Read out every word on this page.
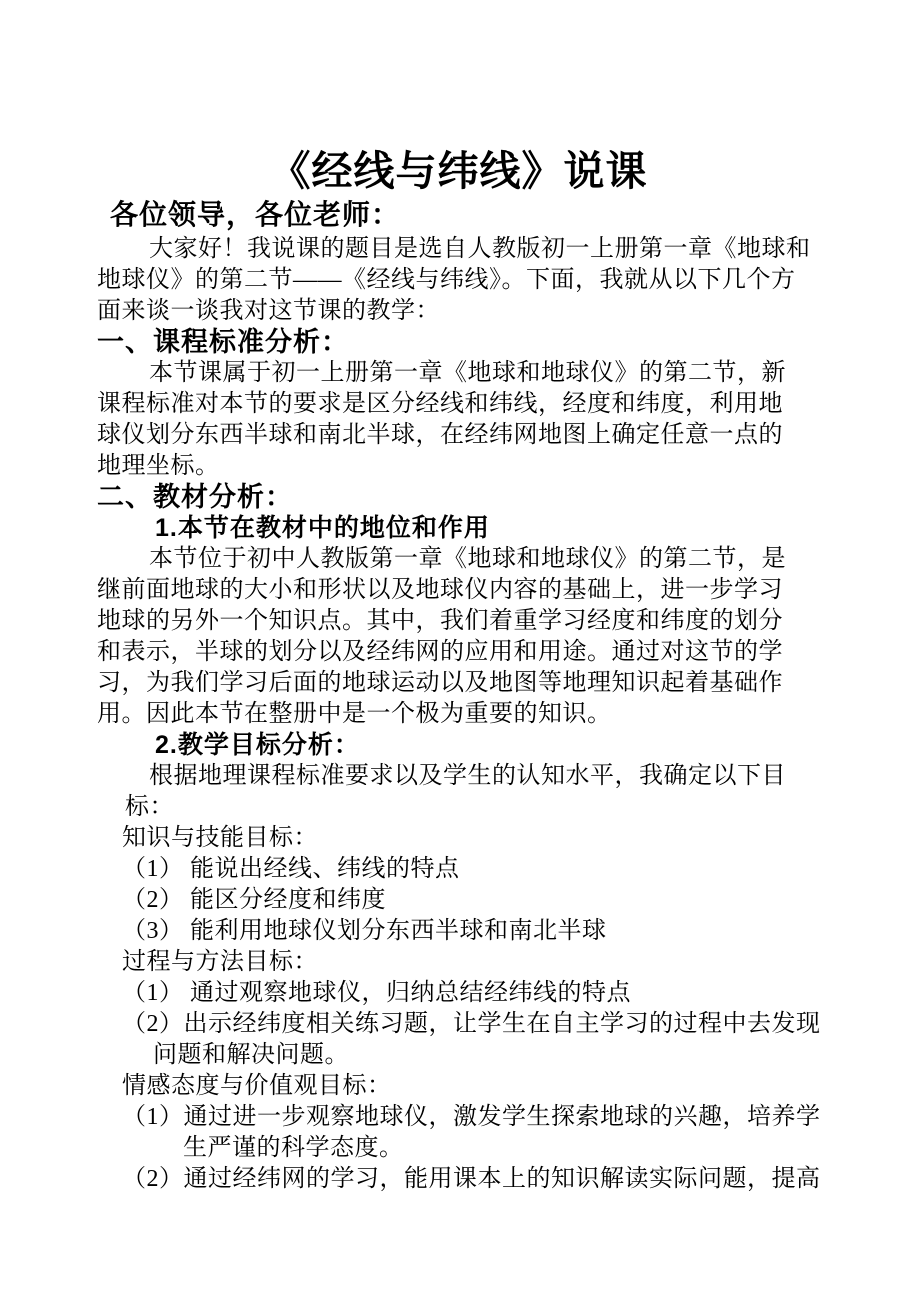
《经线与纬线》说课
各位领导，各位老师：
大家好！我说课的题目是选自人教版初一上册第一章《地球和
地球仪》的第二节——《经线与纬线》。下面，我就从以下几个方
面来谈一谈我对这节课的教学：
一、课程标准分析：
本节课属于初一上册第一章《地球和地球仪》的第二节，新
课程标准对本节的要求是区分经线和纬线，经度和纬度，利用地
球仪划分东西半球和南北半球，在经纬网地图上确定任意一点的
地理坐标。
二、教材分析：
1.本节在教材中的地位和作用
本节位于初中人教版第一章《地球和地球仪》的第二节，是
继前面地球的大小和形状以及地球仪内容的基础上，进一步学习
地球的另外一个知识点。其中，我们着重学习经度和纬度的划分
和表示，半球的划分以及经纬网的应用和用途。通过对这节的学
习，为我们学习后面的地球运动以及地图等地理知识起着基础作
用。因此本节在整册中是一个极为重要的知识。
2.教学目标分析：
根据地理课程标准要求以及学生的认知水平，我确定以下目
标：
知识与技能目标：
（1） 能说出经线、纬线的特点
（2） 能区分经度和纬度
（3） 能利用地球仪划分东西半球和南北半球
过程与方法目标：
（1） 通过观察地球仪，归纳总结经纬线的特点
（2）出示经纬度相关练习题，让学生在自主学习的过程中去发现
问题和解决问题。
情感态度与价值观目标：
（1）通过进一步观察地球仪，激发学生探索地球的兴趣，培养学
生严谨的科学态度。
（2）通过经纬网的学习，能用课本上的知识解读实际问题，提高
